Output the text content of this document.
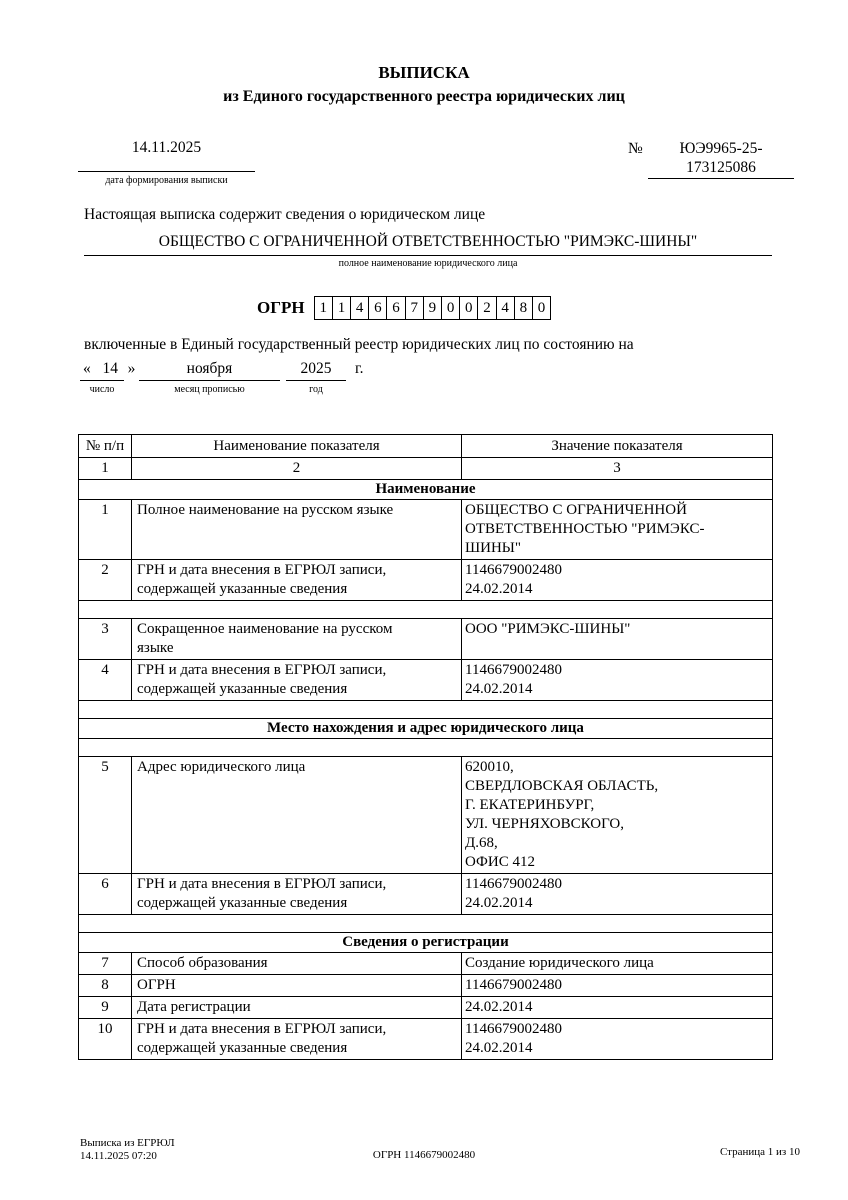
ВЫПИСКА
из Единого государственного реестра юридических лиц
14.11.2025
дата формирования выписки
№	ЮЭ9965-25-
173125086
Настоящая выписка содержит сведения о юридическом лице
ОБЩЕСТВО С ОГРАНИЧЕННОЙ ОТВЕТСТВЕННОСТЬЮ "РИМЭКС-ШИНЫ"
полное наименование юридического лица
ОГРН 1 1 4 6 6 7 9 0 0 2 4 8 0
включенные в Единый государственный реестр юридических лиц по состоянию на
« 14
число
»	ноября
месяц прописью
2025
год
г.
№ п/п	Наименование показателя	Значение показателя
1	2	3
Наименование		
1	Полное наименование на русском языке	ОБЩЕСТВО С ОГРАНИЧЕННОЙ
ОТВЕТСТВЕННОСТЬЮ "РИМЭКС-
ШИНЫ"
2	ГРН и дата внесения в ЕГРЮЛ записи,
содержащей указанные сведения	1146679002480
24.02.2014

3	Сокращенное наименование на русском
языке	ООО "РИМЭКС-ШИНЫ"
4	ГРН и дата внесения в ЕГРЮЛ записи,
содержащей указанные сведения	1146679002480
24.02.2014

Место нахождения и адрес юридического лица		

5	Адрес юридического лица	620010,
СВЕРДЛОВСКАЯ ОБЛАСТЬ,
Г. ЕКАТЕРИНБУРГ,
УЛ. ЧЕРНЯХОВСКОГО,
Д.68,
ОФИС 412
6	ГРН и дата внесения в ЕГРЮЛ записи,
содержащей указанные сведения	1146679002480
24.02.2014

Сведения о регистрации		
7	Способ образования	Создание юридического лица
8	ОГРН	1146679002480
9	Дата регистрации	24.02.2014
10	ГРН и дата внесения в ЕГРЮЛ записи,
содержащей указанные сведения	1146679002480
24.02.2014
Выписка из ЕГРЮЛ
14.11.2025 07:20	ОГРН 1146679002480	Страница 1 из 10
